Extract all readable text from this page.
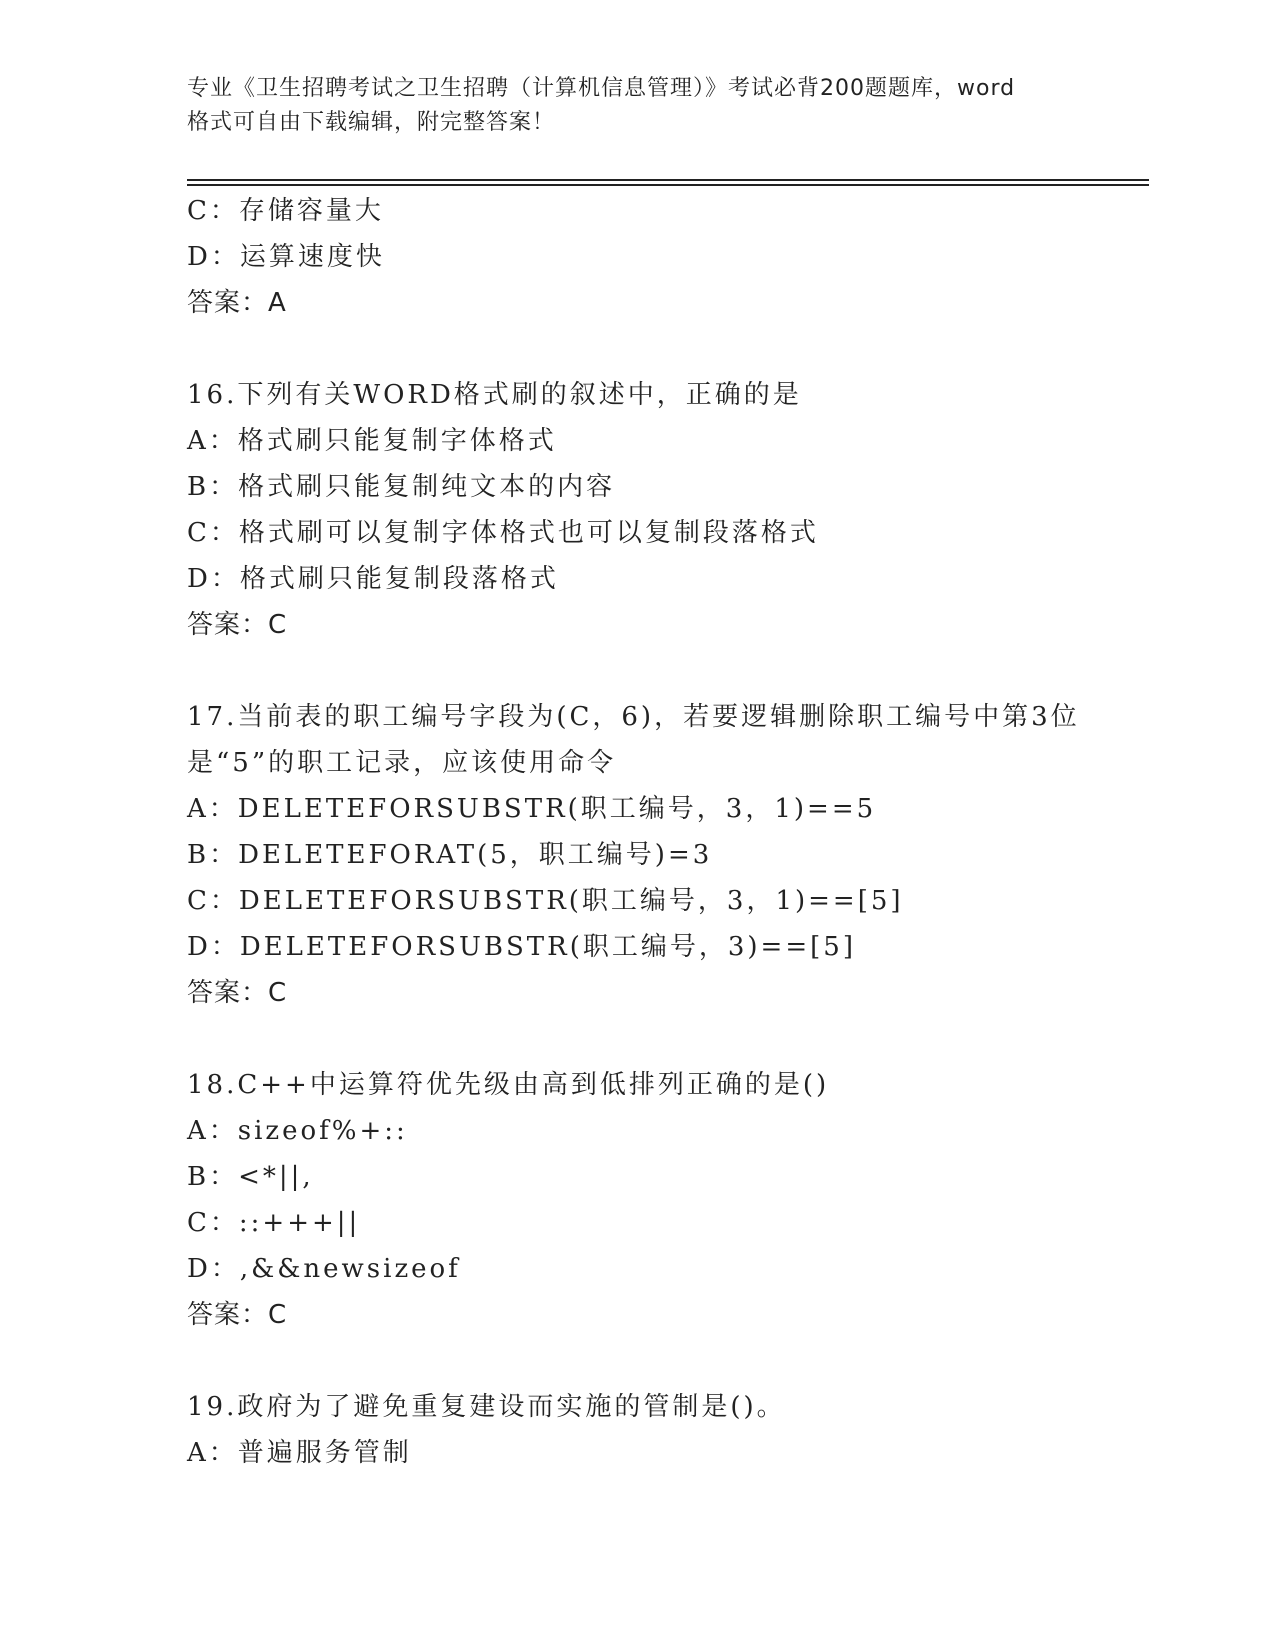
专业《卫生招聘考试之卫生招聘（计算机信息管理）》考试必背200题题库，word
格式可自由下载编辑，附完整答案！
C：存储容量大
D：运算速度快
答案：A
16.下列有关WORD格式刷的叙述中，正确的是
A：格式刷只能复制字体格式
B：格式刷只能复制纯文本的内容
C：格式刷可以复制字体格式也可以复制段落格式
D：格式刷只能复制段落格式
答案：C
17.当前表的职工编号字段为(C，6)，若要逻辑删除职工编号中第3位
是“5”的职工记录，应该使用命令
A：DELETEFORSUBSTR(职工编号，3，1)==5
B：DELETEFORAT(5，职工编号)=3
C：DELETEFORSUBSTR(职工编号，3，1)==[5]
D：DELETEFORSUBSTR(职工编号，3)==[5]
答案：C
18.C++中运算符优先级由高到低排列正确的是()
A：sizeof%+::
B：<*||,
C：::+++||
D：,&&newsizeof
答案：C
19.政府为了避免重复建设而实施的管制是()。
A：普遍服务管制
